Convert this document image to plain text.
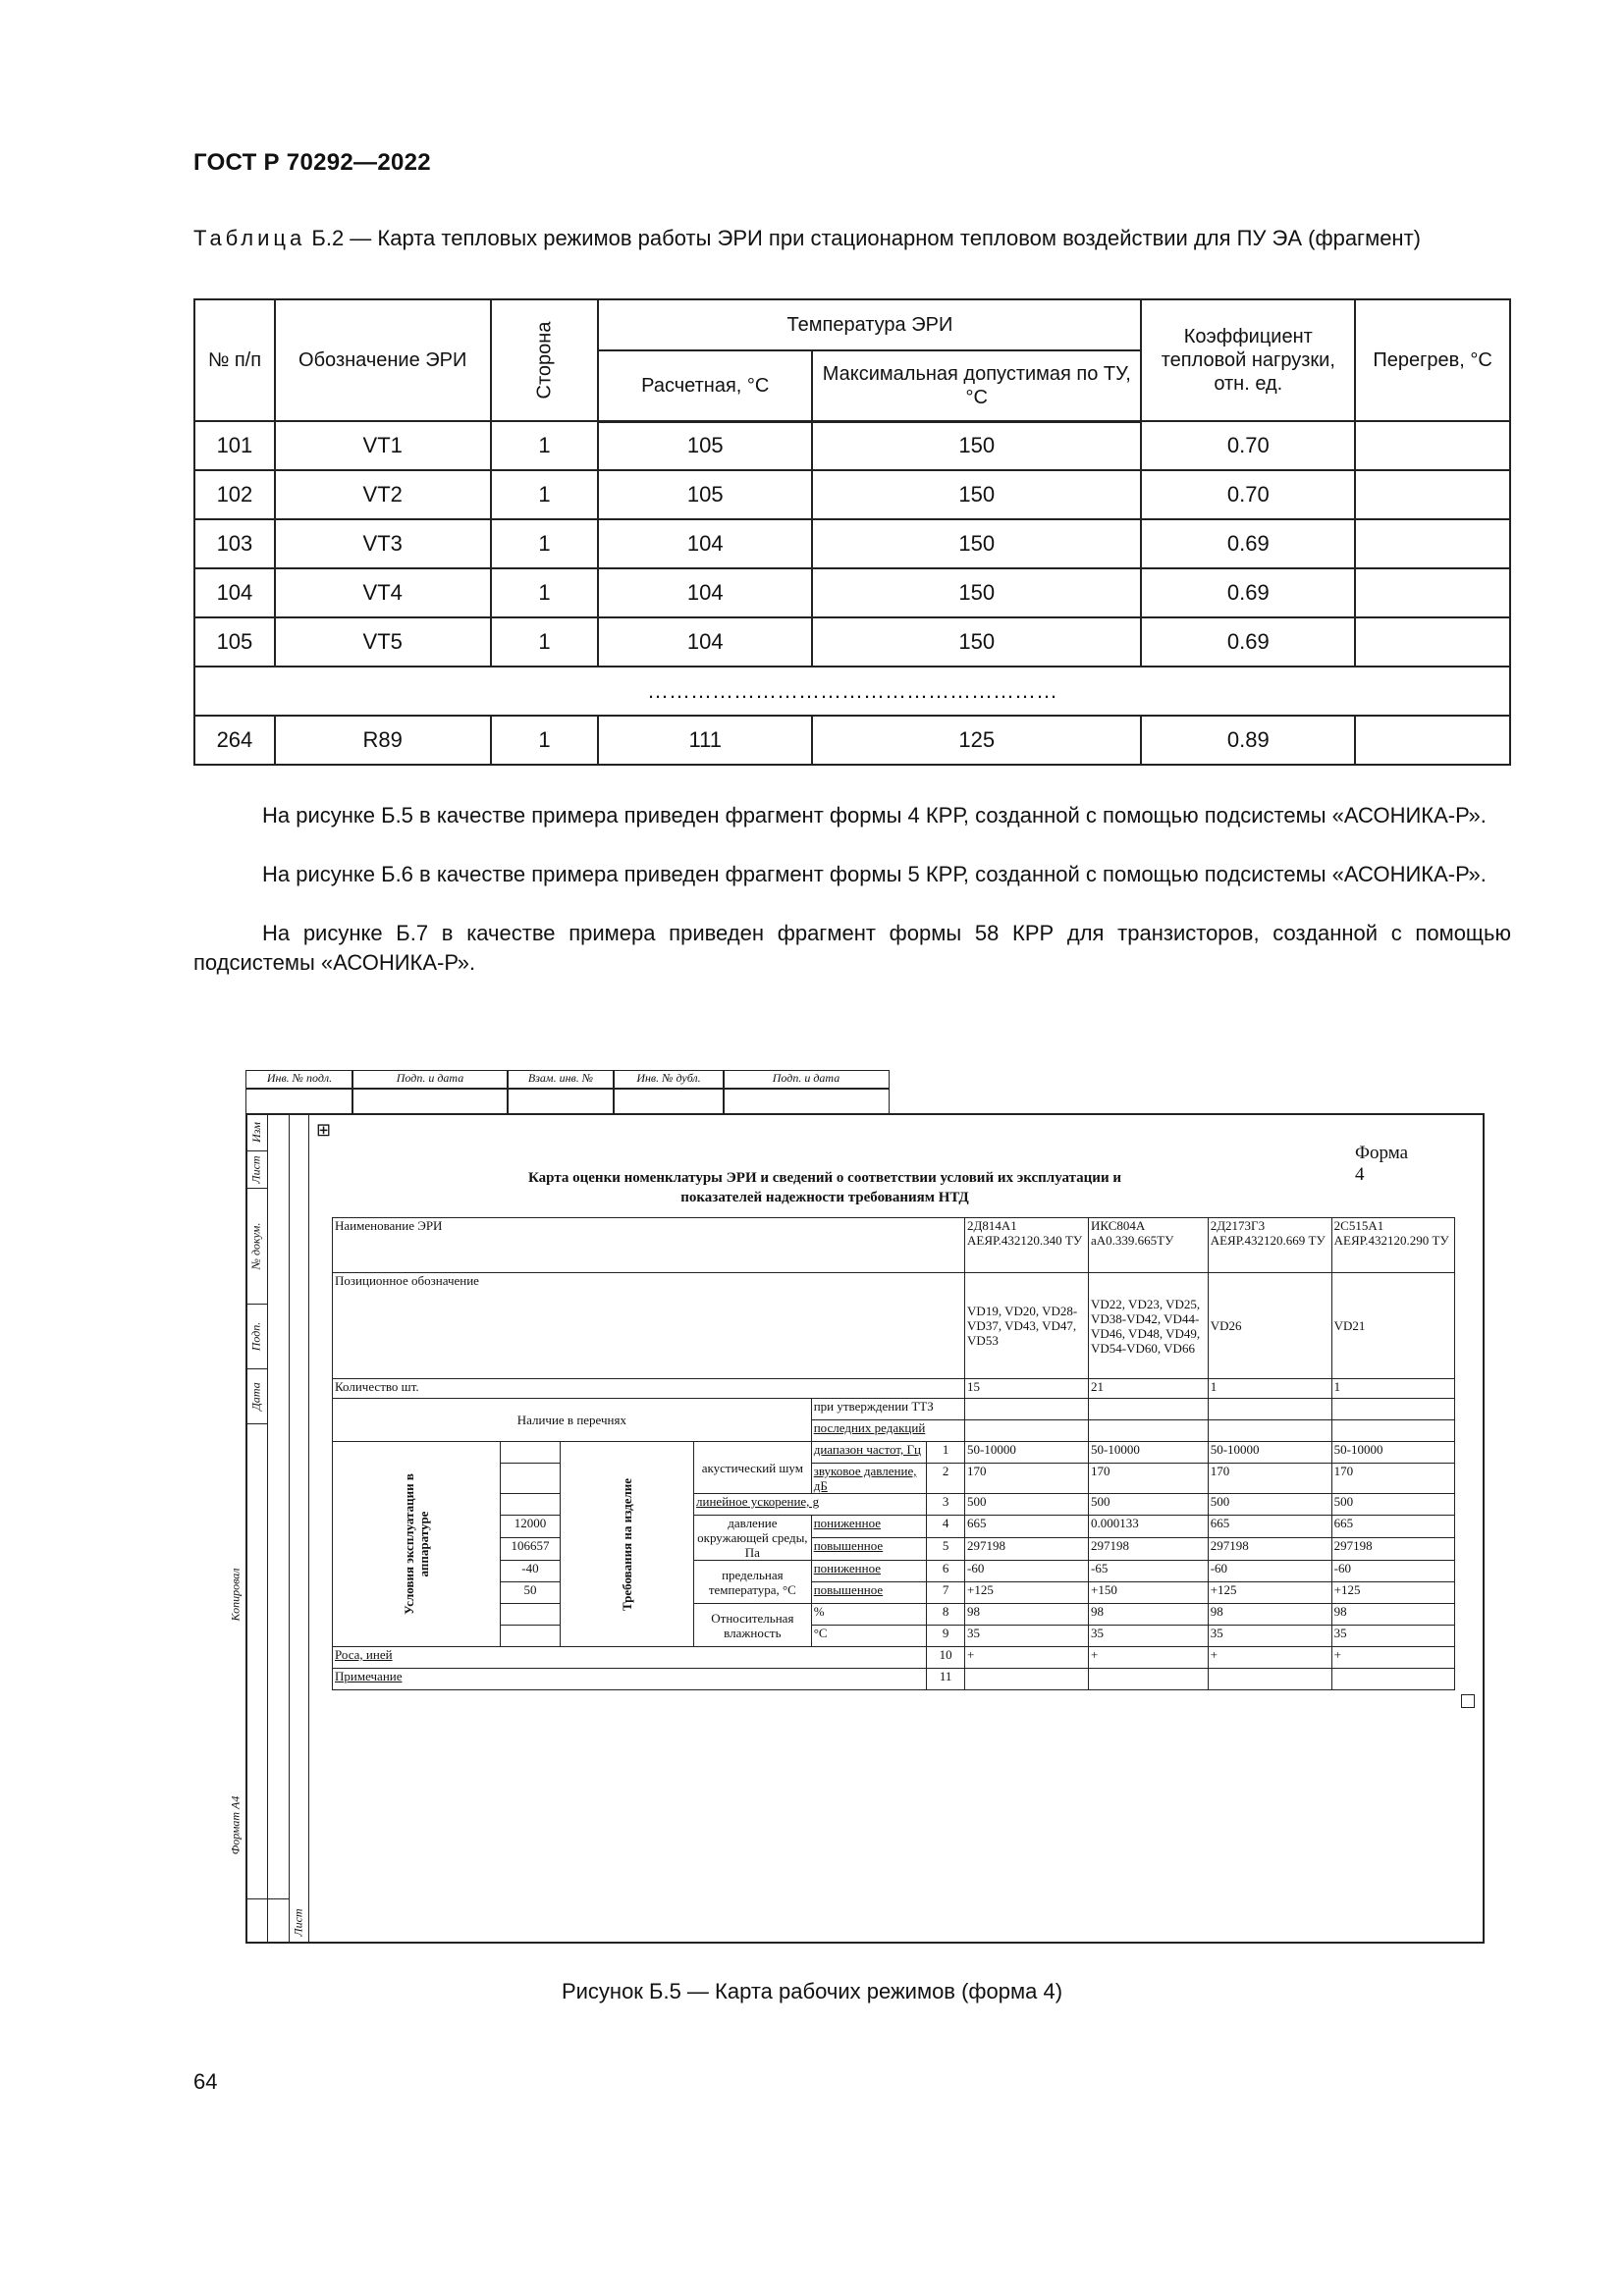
ГОСТ Р 70292—2022
Таблица Б.2 — Карта тепловых режимов работы ЭРИ при стационарном тепловом воздействии для ПУ ЭА (фрагмент)
№ п/п	Обозначение ЭРИ	Сторона	Температура ЭРИ		Коэффициент тепловой нагрузки, отн. ед.	Перегрев, °С
			Расчетная, °С	Максимальная допустимая по ТУ, °С		
101	VT1	1	105	150	0.70	
102	VT2	1	105	150	0.70	
103	VT3	1	104	150	0.69	
104	VT4	1	104	150	0.69	
105	VT5	1	104	150	0.69	
…………………………………………………						
264	R89	1	111	125	0.89	

На рисунке Б.5 в качестве примера приведен фрагмент формы 4 КРР, созданной с помощью подсистемы «АСОНИКА-Р».

На рисунке Б.6 в качестве примера приведен фрагмент формы 5 КРР, созданной с помощью подсистемы «АСОНИКА-Р».

На рисунке Б.7 в качестве примера приведен фрагмент формы 58 КРР для транзисторов, созданной с помощью подсистемы «АСОНИКА-Р».

Инв. № подл.	Подп. и дата	Взам. инв. №	Инв. № дубл.	Подп. и дата
Изм
Лист
№ докум.
Подп.
Дата
Копировал
Формат А4
Лист
⊞
Форма 4
Карта оценки номенклатуры ЭРИ и сведений о соответствии условий их эксплуатации и
показателей надежности требованиям НТД
Наименование ЭРИ						2Д814А1 АЕЯР.432120.340 ТУ	ИКС804А аА0.339.665ТУ	2Д2173Г3 АЕЯР.432120.669 ТУ	2С515А1 АЕЯР.432120.290 ТУ
Позиционное обозначение						VD19, VD20, VD28-VD37, VD43, VD47, VD53	VD22, VD23, VD25, VD38-VD42, VD44-VD46, VD48, VD49, VD54-VD60, VD66	VD26	VD21
Количество шт.						15	21	1	1
Наличие в перечнях				при утверждении ТТЗ					
				последних редакций					
Условия эксплуатации в аппаратуре		Требования на изделие	акустический шум	диапазон частот, Гц	1	50-10000	50-10000	50-10000	50-10000
				звуковое давление, дБ	2	170	170	170	170
			линейное ускорение, g		3	500	500	500	500
	12000		давление окружающей среды, Па	пониженное	4	665	0.000133	665	665
	106657			повышенное	5	297198	297198	297198	297198
	-40		предельная температура, °С	пониженное	6	-60	-65	-60	-60
	50			повышенное	7	+125	+150	+125	+125
			Относительная влажность	%	8	98	98	98	98
				°С	9	35	35	35	35
Роса, иней					10	+	+	+	+
Примечание					11				
Рисунок Б.5 — Карта рабочих режимов (форма 4)
64
